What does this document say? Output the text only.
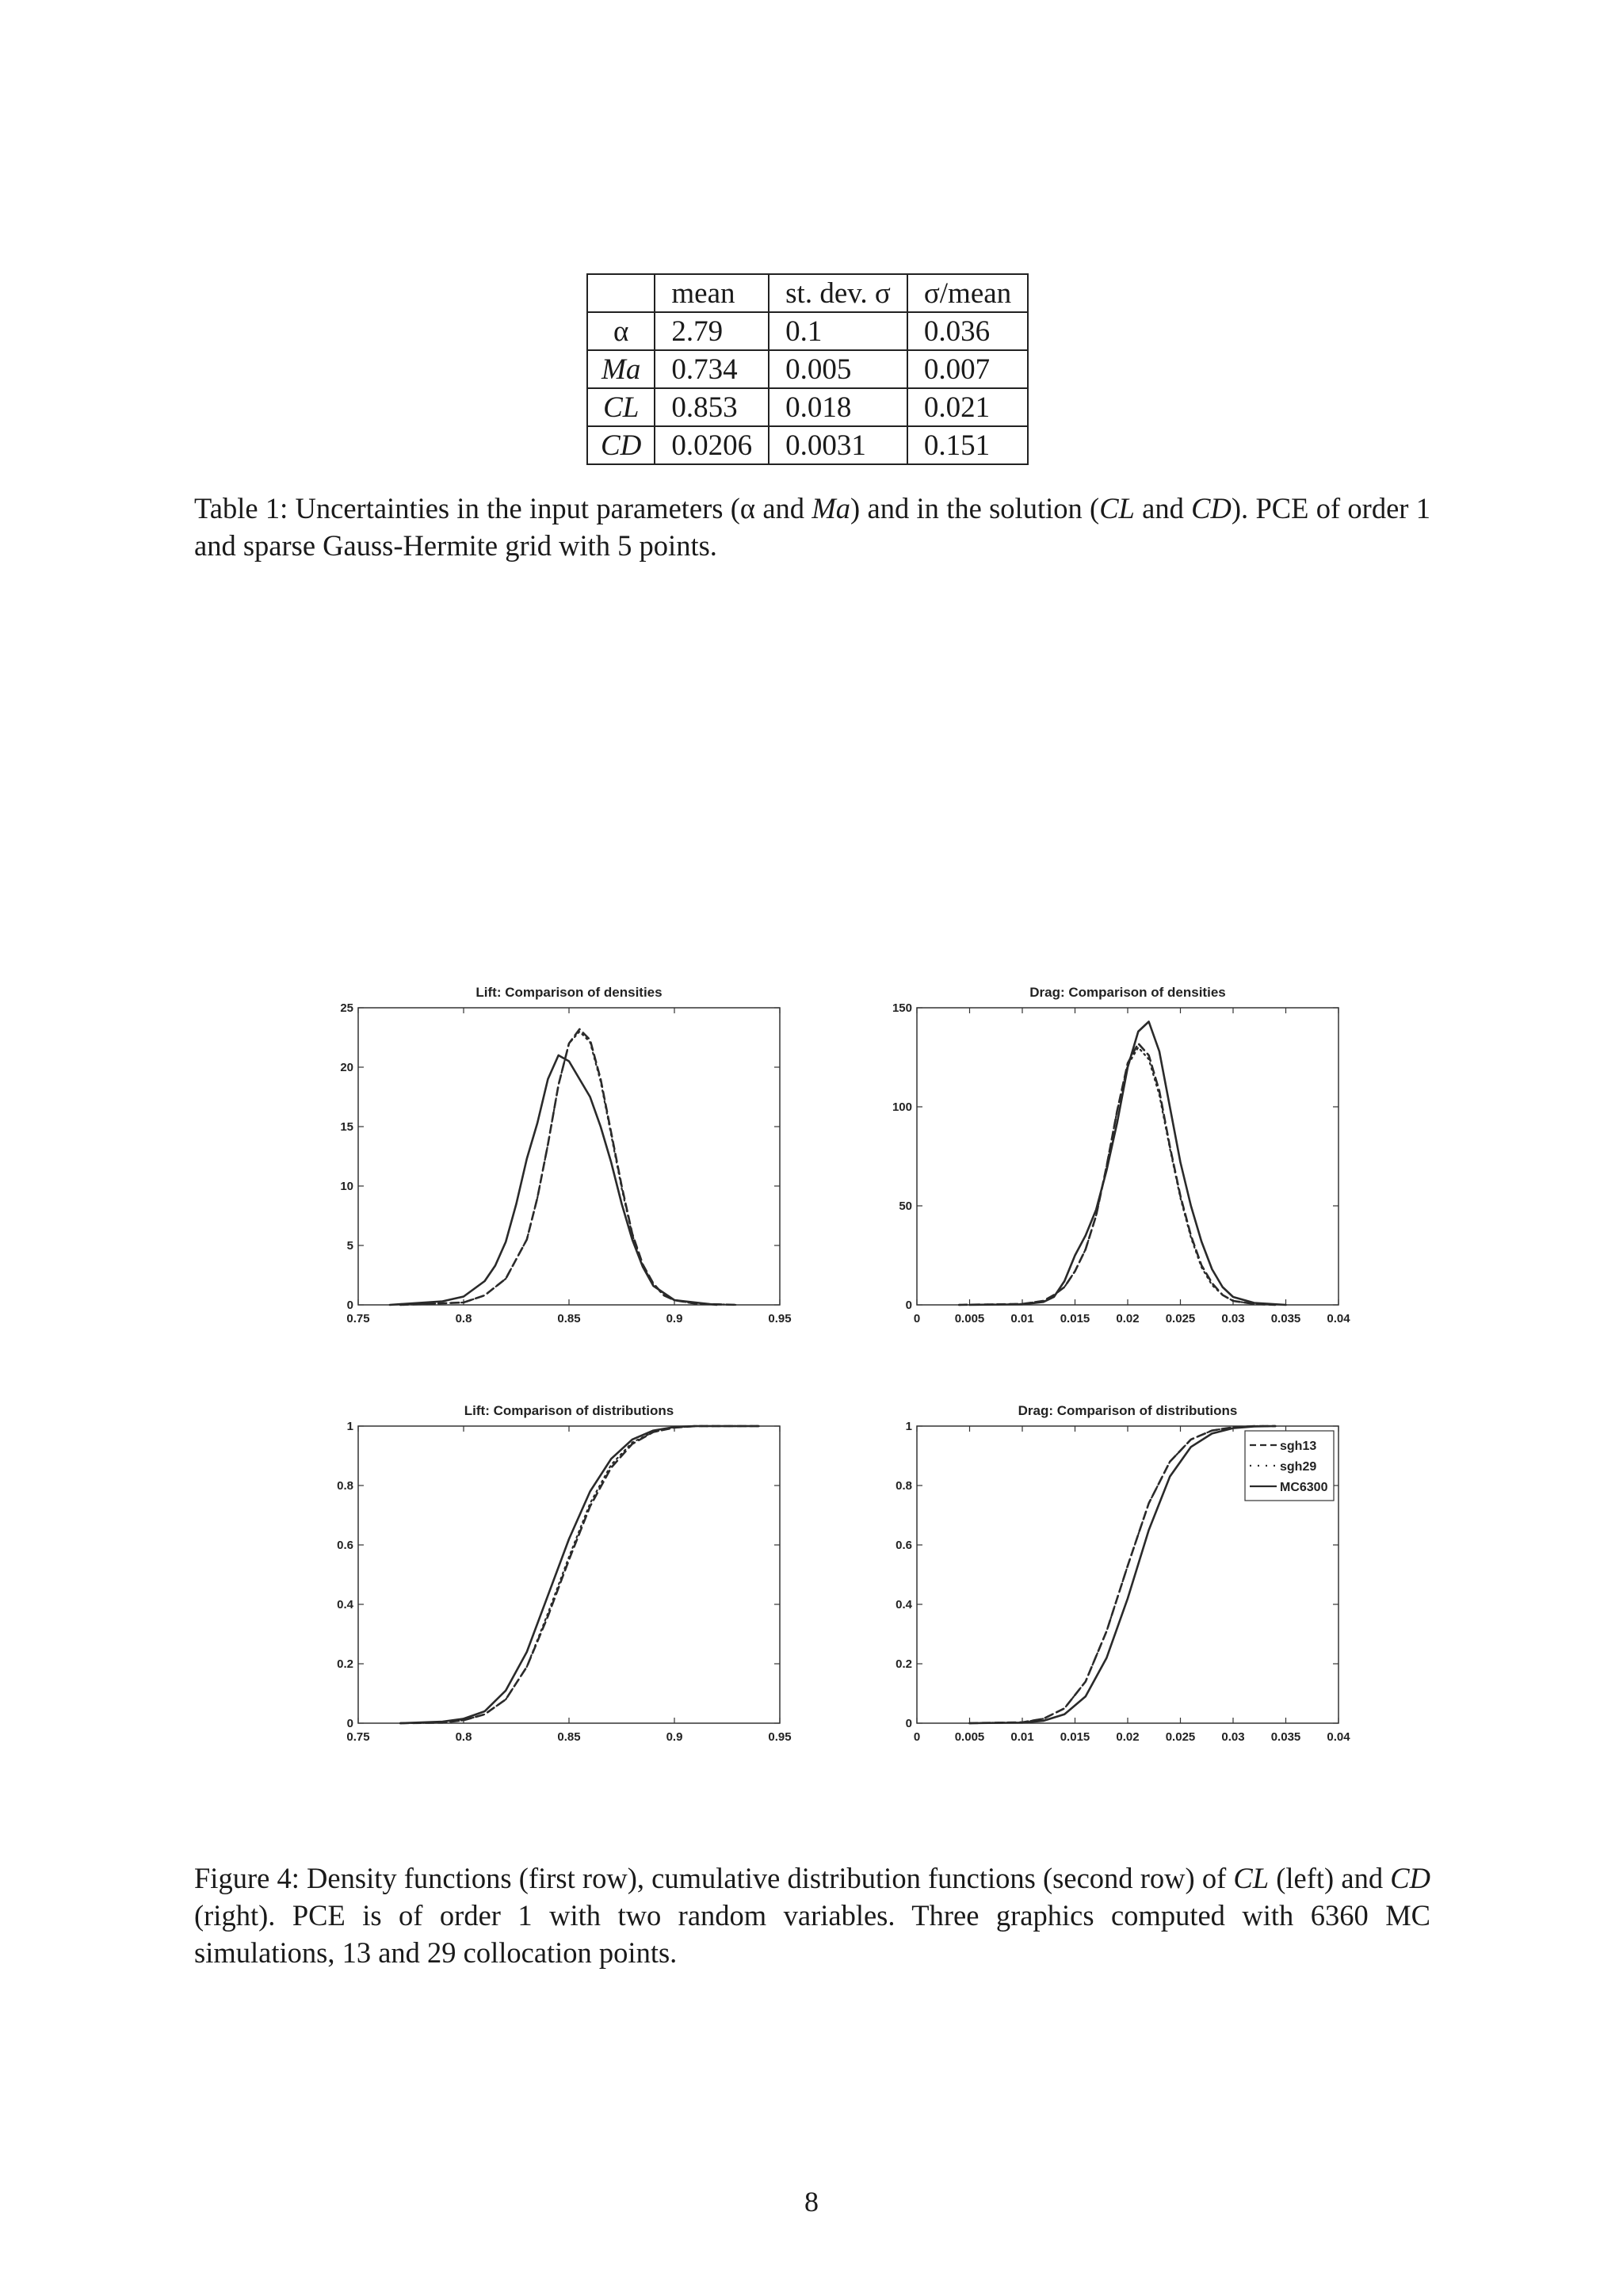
	mean	st. dev. σ	σ/mean
α	2.79	0.1	0.036
Ma	0.734	0.005	0.007
CL	0.853	0.018	0.021
CD	0.0206	0.0031	0.151
Table 1: Uncertainties in the input parameters (α and Ma) and in the solution (CL and CD). PCE of order 1 and sparse Gauss-Hermite grid with 5 points.
Lift: Comparison of densities
0.75	0.8	0.85	0.9	0.95
0
5
10
15
20
25
Drag: Comparison of densities
0	0.005 0.01 0.015 0.02 0.025 0.03 0.035 0.04
0
50
100
150
Lift: Comparison of distributions
0.75	0.8	0.85	0.9	0.95
0
0.2
0.4
0.6
0.8
1
Drag: Comparison of distributions
0	0.005 0.01 0.015 0.02 0.025 0.03 0.035 0.04
0
0.2
0.4
0.6
0.8
1
sgh13
sgh29
MC6300
Figure 4: Density functions (first row), cumulative distribution functions (second row) of CL (left) and CD (right). PCE is of order 1 with two random variables. Three graphics computed with 6360 MC simulations, 13 and 29 collocation points.
8
